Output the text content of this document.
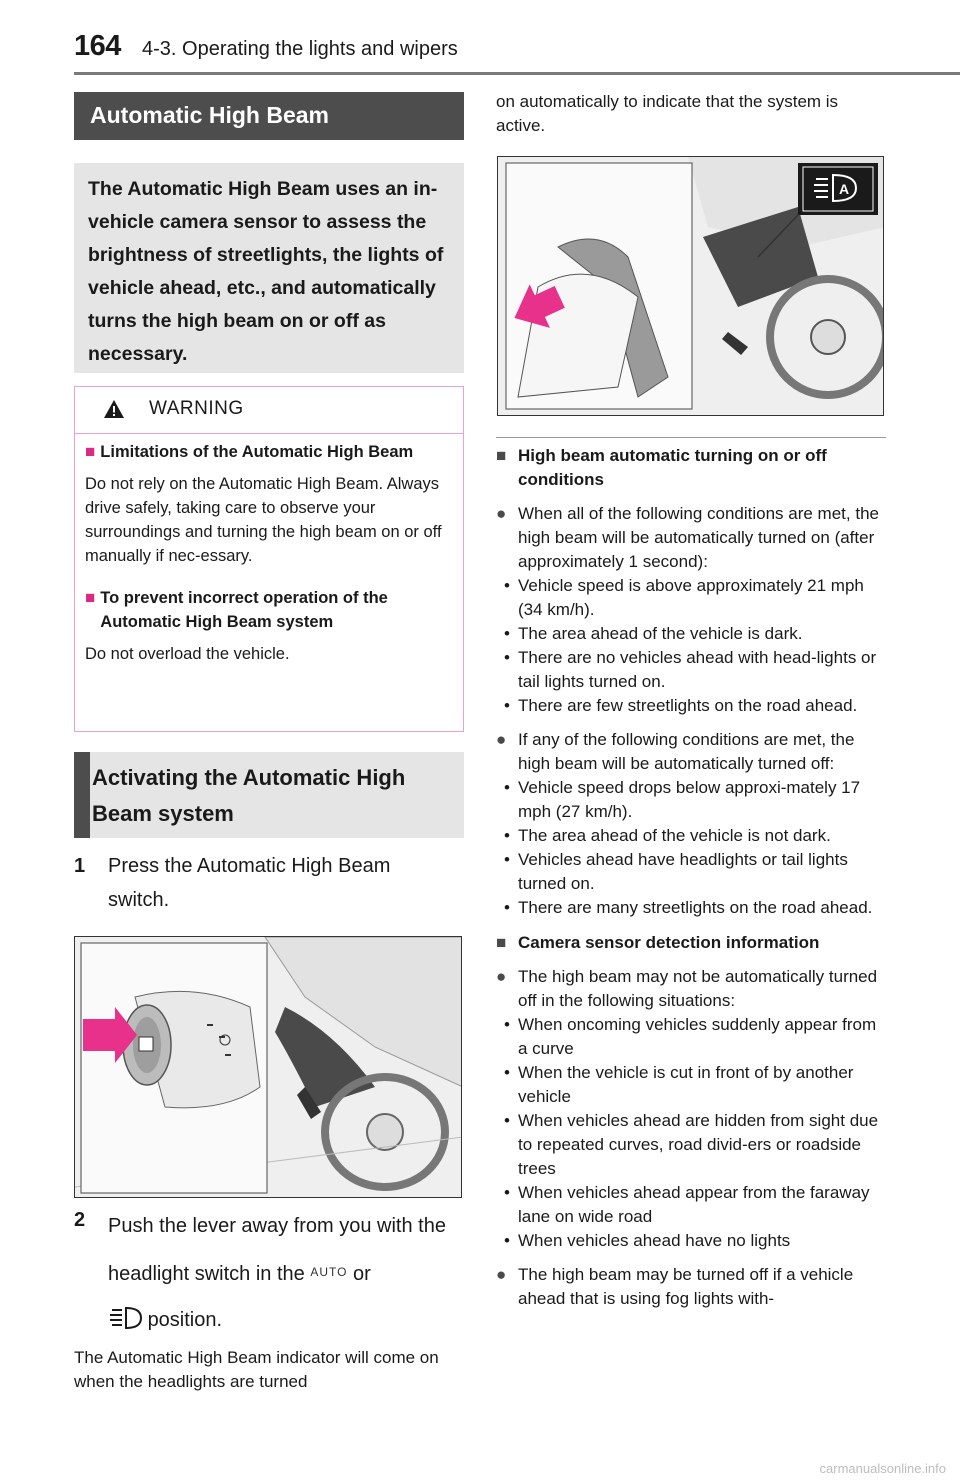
164 4-3. Operating the lights and wipers
Automatic High Beam
The Automatic High Beam uses an in-vehicle camera sensor to assess the brightness of streetlights, the lights of vehicle ahead, etc., and automatically turns the high beam on or off as necessary.
WARNING
■ Limitations of the Automatic High Beam

Do not rely on the Automatic High Beam. Always drive safely, taking care to observe your surroundings and turning the high beam on or off manually if nec-essary.

■ To prevent incorrect operation of the Automatic High Beam system

Do not overload the vehicle.

Activating the Automatic High Beam system
1	Press the Automatic High Beam switch.
2	Push the lever away from you with the headlight switch in the $^{AUTO}$ or
position.
The Automatic High Beam indicator will come on when the headlights are turned
on automatically to indicate that the system is active.
A
■ High beam automatic turning on or off conditions
● When all of the following conditions are met, the high beam will be automatically turned on (after approximately 1 second):
• Vehicle speed is above approximately 21 mph (34 km/h).
• The area ahead of the vehicle is dark.
• There are no vehicles ahead with head-lights or tail lights turned on.
• There are few streetlights on the road ahead.
● If any of the following conditions are met, the high beam will be automatically turned off:
• Vehicle speed drops below approxi-mately 17 mph (27 km/h).
• The area ahead of the vehicle is not dark.
• Vehicles ahead have headlights or tail lights turned on.
• There are many streetlights on the road ahead.
■ Camera sensor detection information
● The high beam may not be automatically turned off in the following situations:
• When oncoming vehicles suddenly appear from a curve
• When the vehicle is cut in front of by another vehicle
• When vehicles ahead are hidden from sight due to repeated curves, road divid-ers or roadside trees
• When vehicles ahead appear from the faraway lane on wide road
• When vehicles ahead have no lights
● The high beam may be turned off if a vehicle ahead that is using fog lights with-
carmanualsonline.info
